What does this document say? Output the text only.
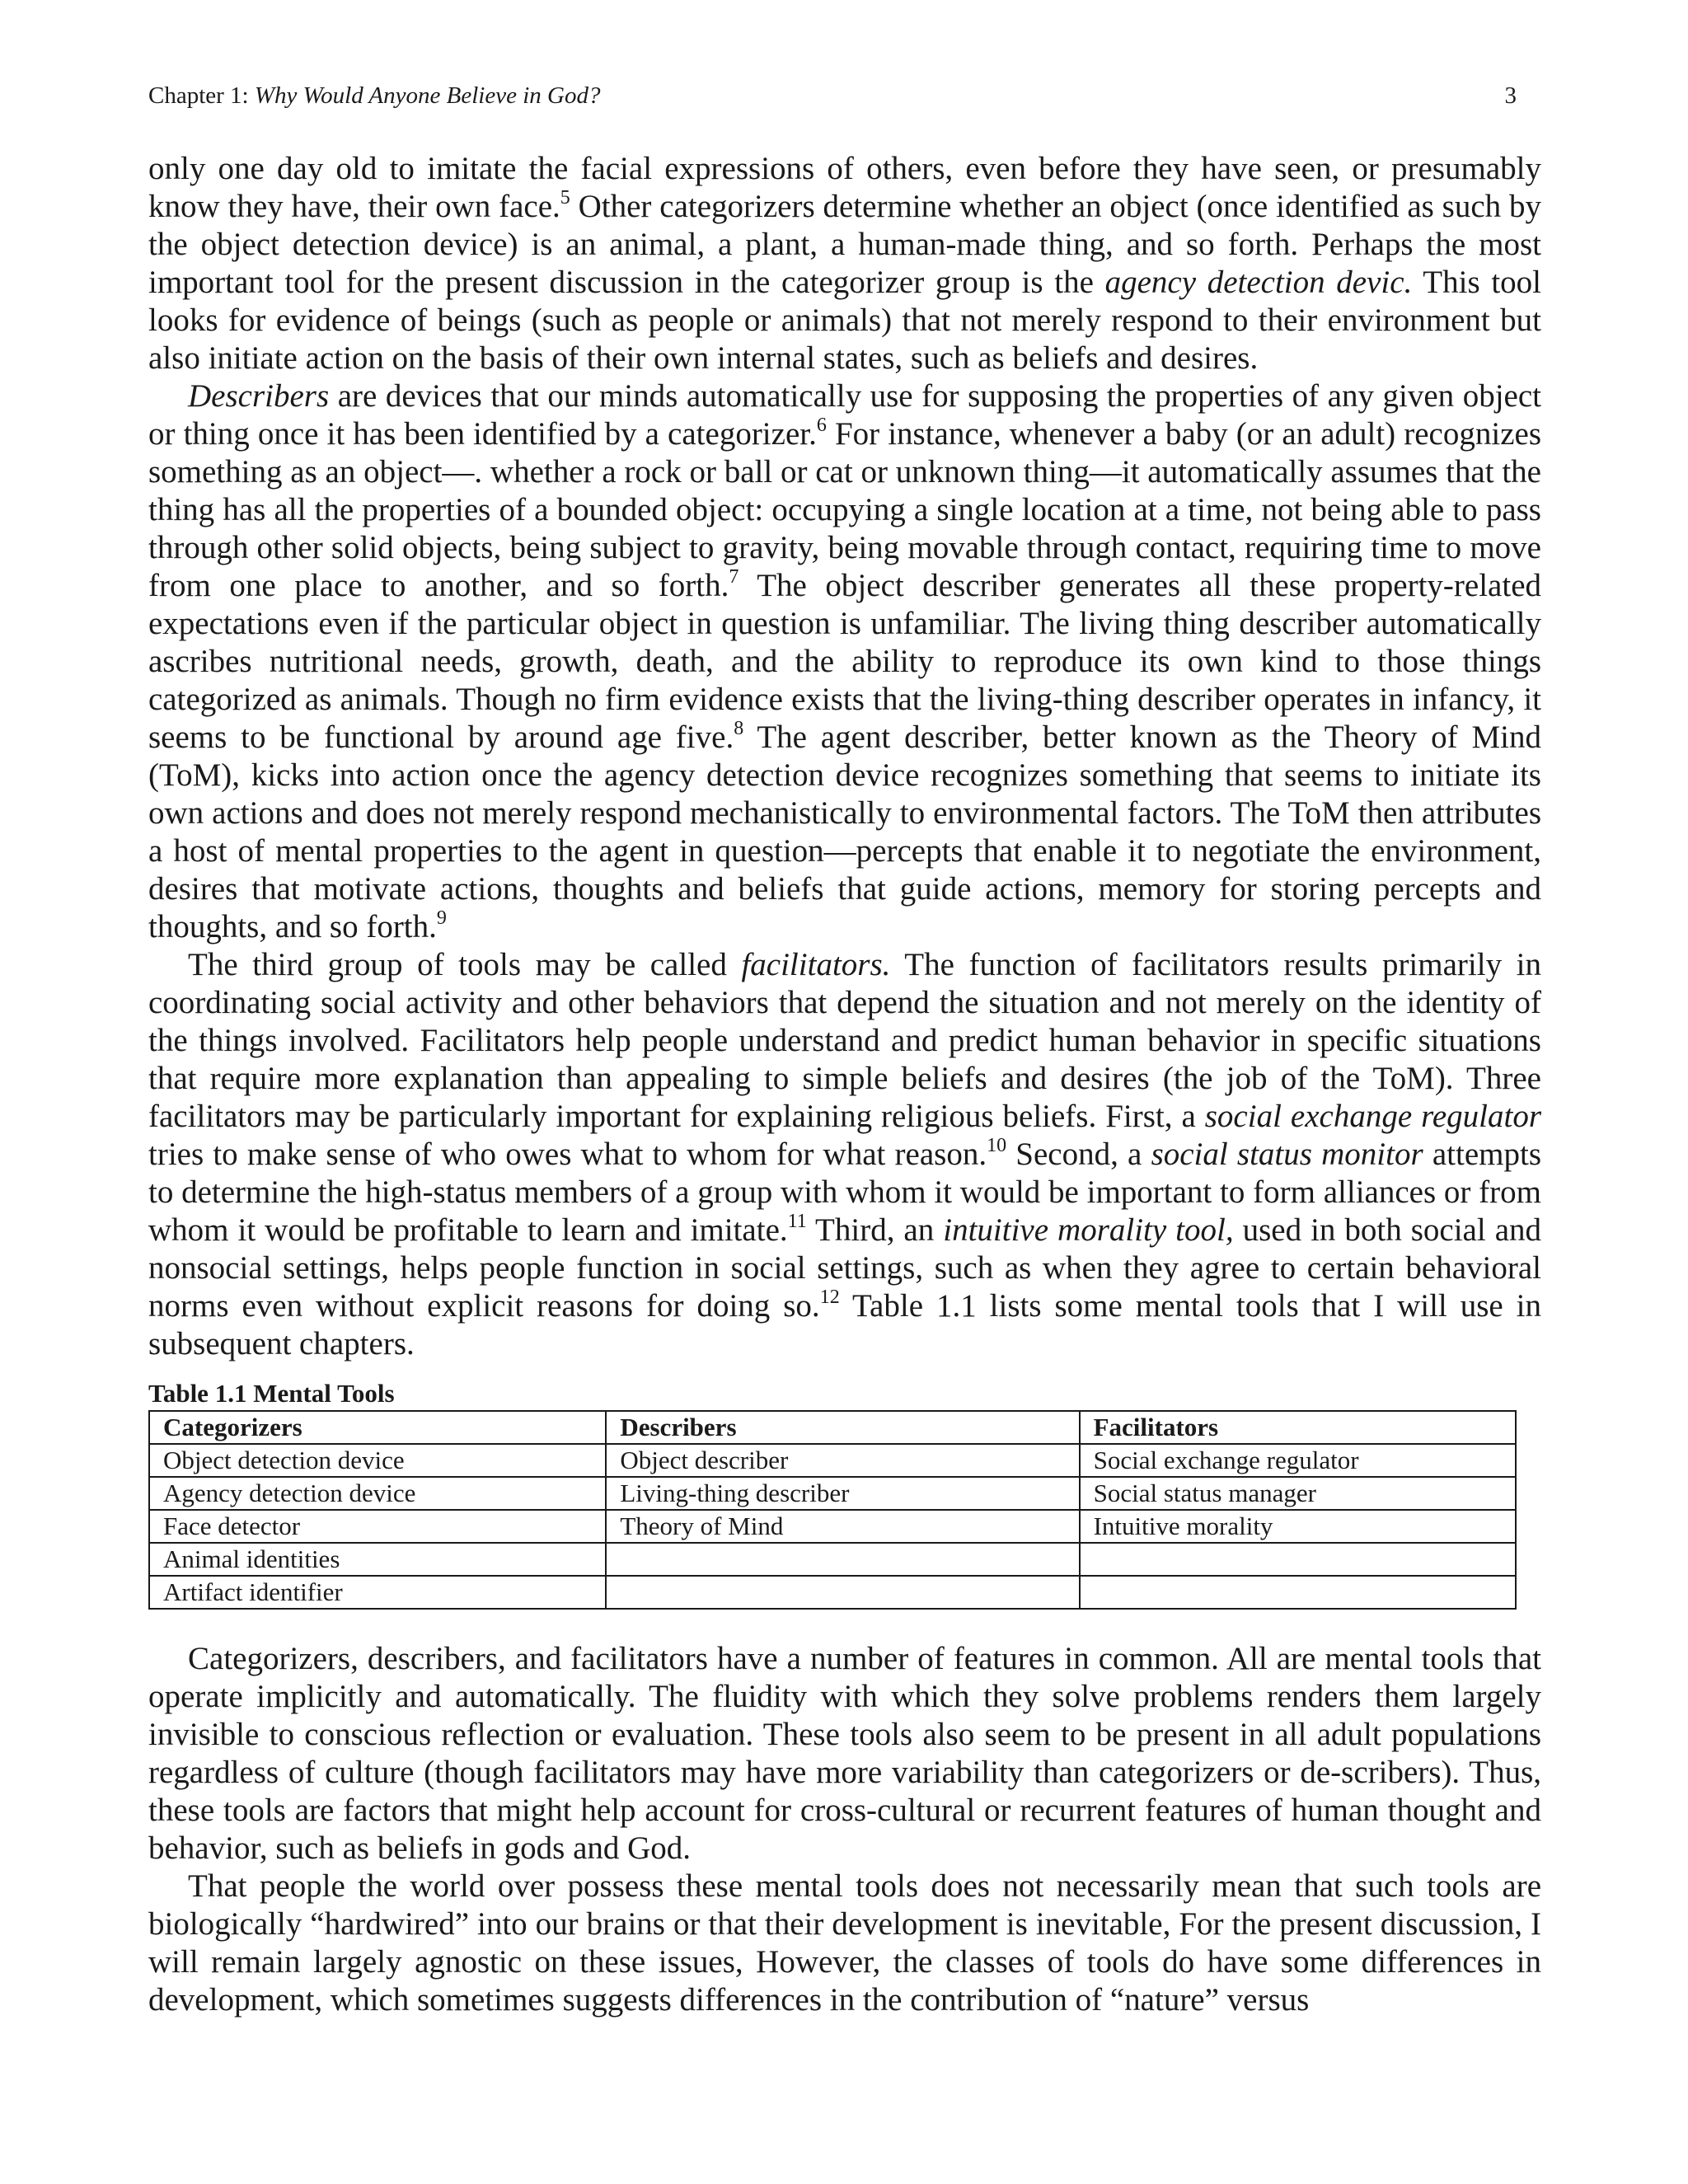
Chapter 1: Why Would Anyone Believe in God?	3

only one day old to imitate the facial expressions of others, even before they have seen, or presumably know they have, their own face.$^5$ Other categorizers determine whether an object (once identified as such by the object detection device) is an animal, a plant, a human-made thing, and so forth. Perhaps the most important tool for the present discussion in the categorizer group is the agency detection devic. This tool looks for evidence of beings (such as people or animals) that not merely respond to their environment but also initiate action on the basis of their own internal states, such as beliefs and desires.

Describers are devices that our minds automatically use for supposing the properties of any given object or thing once it has been identified by a categorizer.$^6$ For instance, whenever a baby (or an adult) recognizes something as an object—. whether a rock or ball or cat or unknown thing—it automatically assumes that the thing has all the properties of a bounded object: occupying a single location at a time, not being able to pass through other solid objects, being subject to gravity, being movable through contact, requiring time to move from one place to another, and so forth.$^7$ The object describer generates all these property-related expectations even if the particular object in question is unfamiliar. The living thing describer automatically ascribes nutritional needs, growth, death, and the ability to reproduce its own kind to those things categorized as animals. Though no firm evidence exists that the living-thing describer operates in infancy, it seems to be functional by around age five.$^8$ The agent describer, better known as the Theory of Mind (ToM), kicks into action once the agency detection device recognizes something that seems to initiate its own actions and does not merely respond mechanistically to environmental factors. The ToM then attributes a host of mental properties to the agent in question—percepts that enable it to negotiate the environment, desires that motivate actions, thoughts and beliefs that guide actions, memory for storing percepts and thoughts, and so forth.$^9$

The third group of tools may be called facilitators. The function of facilitators results primarily in coordinating social activity and other behaviors that depend the situation and not merely on the identity of the things involved. Facilitators help people understand and predict human behavior in specific situations that require more explanation than appealing to simple beliefs and desires (the job of the ToM). Three facilitators may be particularly important for explaining religious beliefs. First, a social exchange regulator tries to make sense of who owes what to whom for what reason.$^{10}$ Second, a social status monitor attempts to determine the high-status members of a group with whom it would be important to form alliances or from whom it would be profitable to learn and imitate.$^{11}$ Third, an intuitive morality tool, used in both social and nonsocial settings, helps people function in social settings, such as when they agree to certain behavioral norms even without explicit reasons for doing so.$^{12}$ Table 1.1 lists some mental tools that I will use in subsequent chapters.

Table 1.1 Mental Tools
Categorizers	Describers	Facilitators
Object detection device	Object describer	Social exchange regulator
Agency detection device	Living-thing describer	Social status manager
Face detector	Theory of Mind	Intuitive morality
Animal identities		
Artifact identifier		

Categorizers, describers, and facilitators have a number of features in common. All are mental tools that operate implicitly and automatically. The fluidity with which they solve problems renders them largely invisible to conscious reflection or evaluation. These tools also seem to be present in all adult populations regardless of culture (though facilitators may have more variability than categorizers or de-scribers). Thus, these tools are factors that might help account for cross-cultural or recurrent features of human thought and behavior, such as beliefs in gods and God.

That people the world over possess these mental tools does not necessarily mean that such tools are biologically “hardwired” into our brains or that their development is inevitable, For the present discussion, I will remain largely agnostic on these issues, However, the classes of tools do have some differences in development, which sometimes suggests differences in the contribution of “nature” versus
